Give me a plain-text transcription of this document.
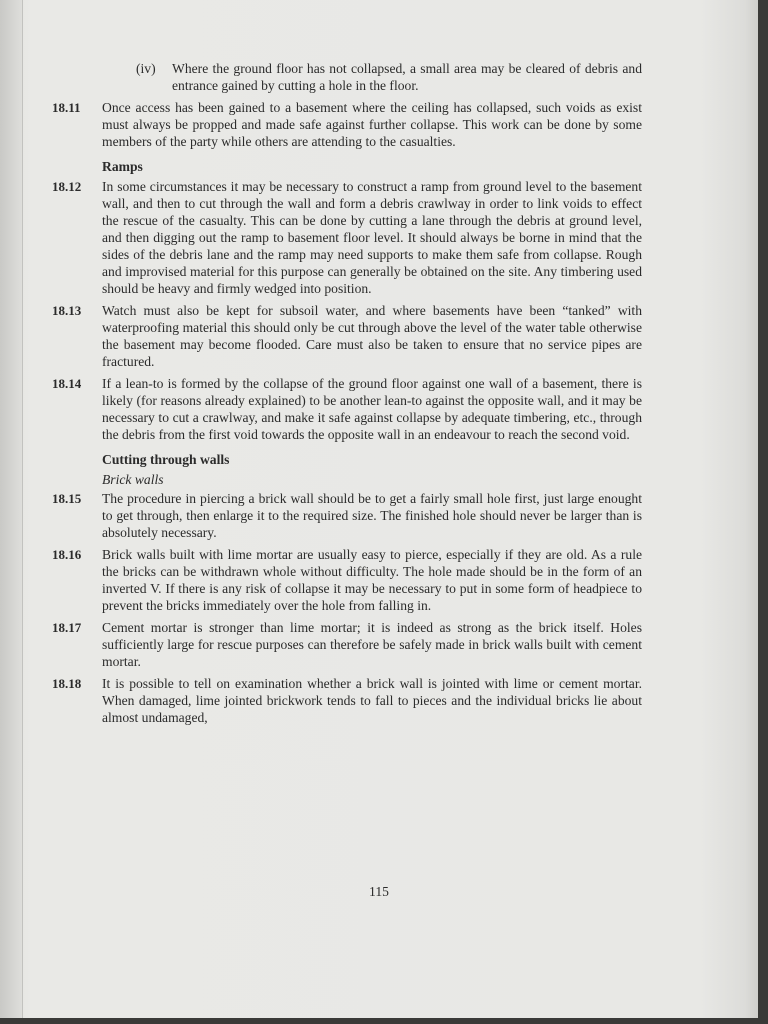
(iv) Where the ground floor has not collapsed, a small area may be cleared of debris and entrance gained by cutting a hole in the floor.
18.11 Once access has been gained to a basement where the ceiling has collapsed, such voids as exist must always be propped and made safe against further collapse. This work can be done by some members of the party while others are attending to the casualties.
Ramps
18.12 In some circumstances it may be necessary to construct a ramp from ground level to the basement wall, and then to cut through the wall and form a debris crawlway in order to link voids to effect the rescue of the casualty. This can be done by cutting a lane through the debris at ground level, and then digging out the ramp to basement floor level. It should always be borne in mind that the sides of the debris lane and the ramp may need supports to make them safe from collapse. Rough and improvised material for this purpose can generally be obtained on the site. Any timbering used should be heavy and firmly wedged into position.
18.13 Watch must also be kept for subsoil water, and where basements have been “tanked” with waterproofing material this should only be cut through above the level of the water table otherwise the basement may become flooded. Care must also be taken to ensure that no service pipes are fractured.
18.14 If a lean-to is formed by the collapse of the ground floor against one wall of a basement, there is likely (for reasons already explained) to be another lean-to against the opposite wall, and it may be necessary to cut a crawlway, and make it safe against collapse by adequate timbering, etc., through the debris from the first void towards the opposite wall in an endeavour to reach the second void.
Cutting through walls
Brick walls
18.15 The procedure in piercing a brick wall should be to get a fairly small hole first, just large enought to get through, then enlarge it to the required size. The finished hole should never be larger than is absolutely necessary.
18.16 Brick walls built with lime mortar are usually easy to pierce, especially if they are old. As a rule the bricks can be withdrawn whole without difficulty. The hole made should be in the form of an inverted V. If there is any risk of collapse it may be necessary to put in some form of headpiece to prevent the bricks immediately over the hole from falling in.
18.17 Cement mortar is stronger than lime mortar; it is indeed as strong as the brick itself. Holes sufficiently large for rescue purposes can therefore be safely made in brick walls built with cement mortar.
18.18 It is possible to tell on examination whether a brick wall is jointed with lime or cement mortar. When damaged, lime jointed brickwork tends to fall to pieces and the individual bricks lie about almost undamaged,
115
